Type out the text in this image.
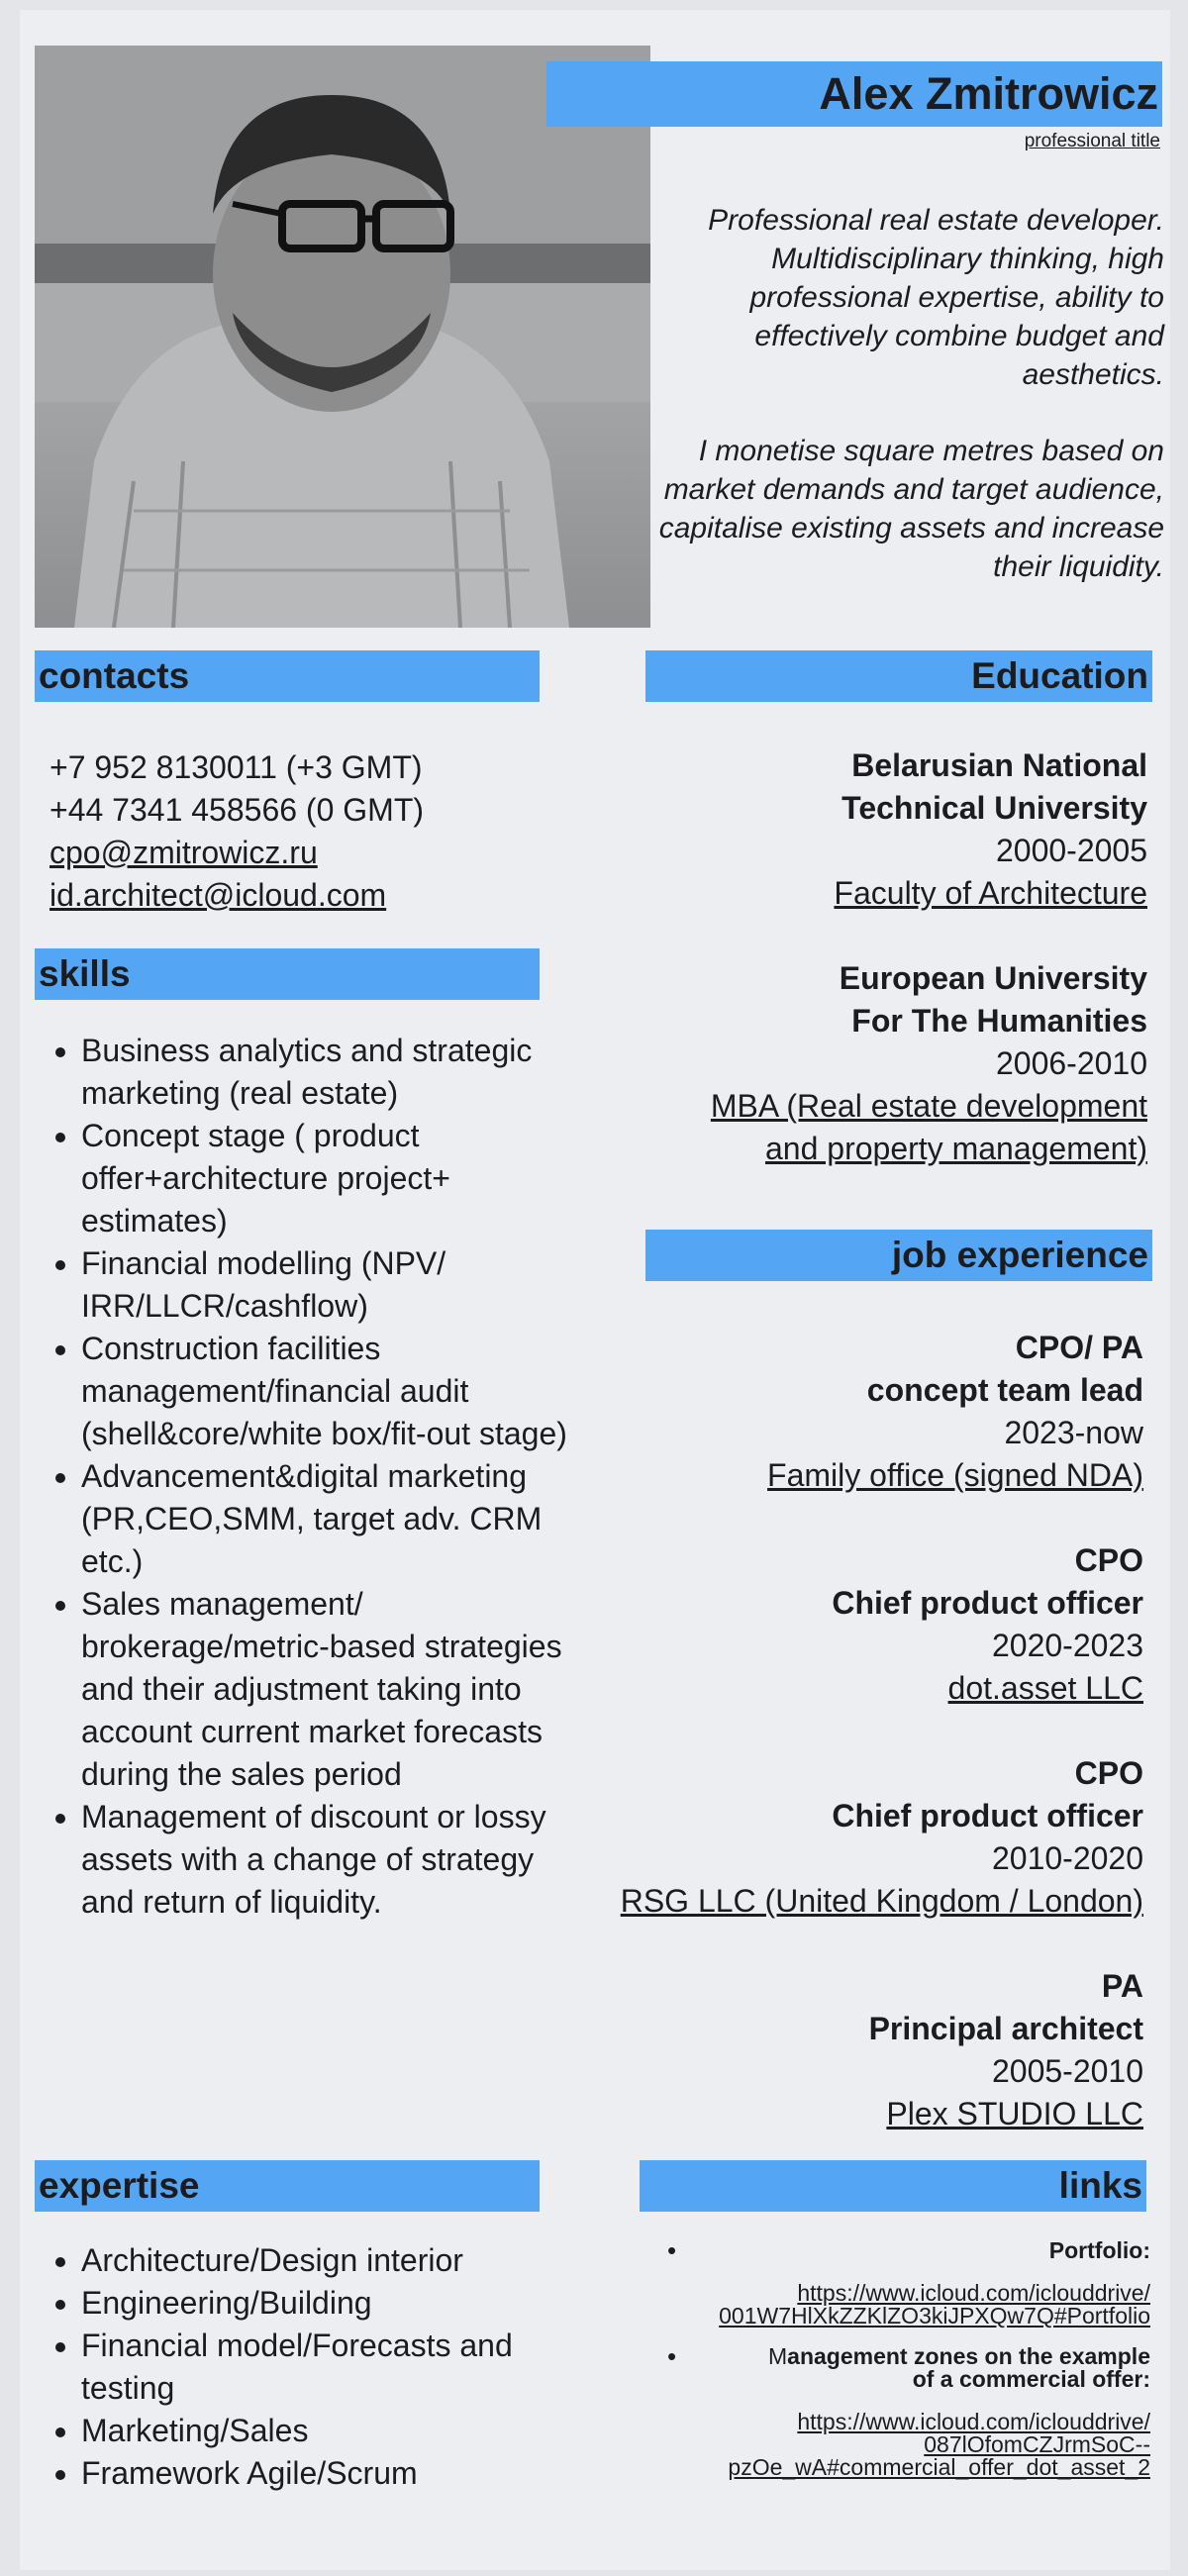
Alex Zmitrowicz
professional title

Professional real estate developer. Multidisciplinary thinking, high professional expertise, ability to effectively combine budget and aesthetics.

I monetise square metres based on market demands and target audience, capitalise existing assets and increase their liquidity.

contacts	Education
skills
job experience
expertise	links
+7 952 8130011 (+3 GMT)
+44 7341 458566 (0 GMT)
cpo@zmitrowicz.ru
id.architect@icloud.com
Belarusian National
Technical University
2000-2005
Faculty of Architecture
European University
For The Humanities
2006-2010
MBA (Real estate development
and property management)
• Business analytics and strategic marketing (real estate)
• Concept stage ( product offer+architecture project+ estimates)
• Financial modelling (NPV/ IRR/LLCR/cashflow)
• Construction facilities management/financial audit (shell&core/white box/fit-out stage)
• Advancement&digital marketing (PR,CEO,SMM, target adv. CRM etc.)
• Sales management/ brokerage/metric-based strategies and their adjustment taking into account current market forecasts during the sales period
• Management of discount or lossy assets with a change of strategy and return of liquidity.
CPO/ PA
concept team lead
2023-now
Family office (signed NDA)
CPO
Chief product officer
2020-2023
dot.asset LLC
CPO
Chief product officer
2010-2020
RSG LLC (United Kingdom / London)
PA
Principal architect
2005-2010
Plex STUDIO LLC
• Architecture/Design interior
• Engineering/Building
• Financial model/Forecasts and testing
• Marketing/Sales
• Framework Agile/Scrum
•	Portfolio:
https://www.icloud.com/iclouddrive/
001W7HlXkZZKlZO3kiJPXQw7Q#Portfolio
•	Management zones on the example
of a commercial offer:
https://www.icloud.com/iclouddrive/
087lOfomCZJrmSoC--
pzOe_wA#commercial_offer_dot_asset_2
